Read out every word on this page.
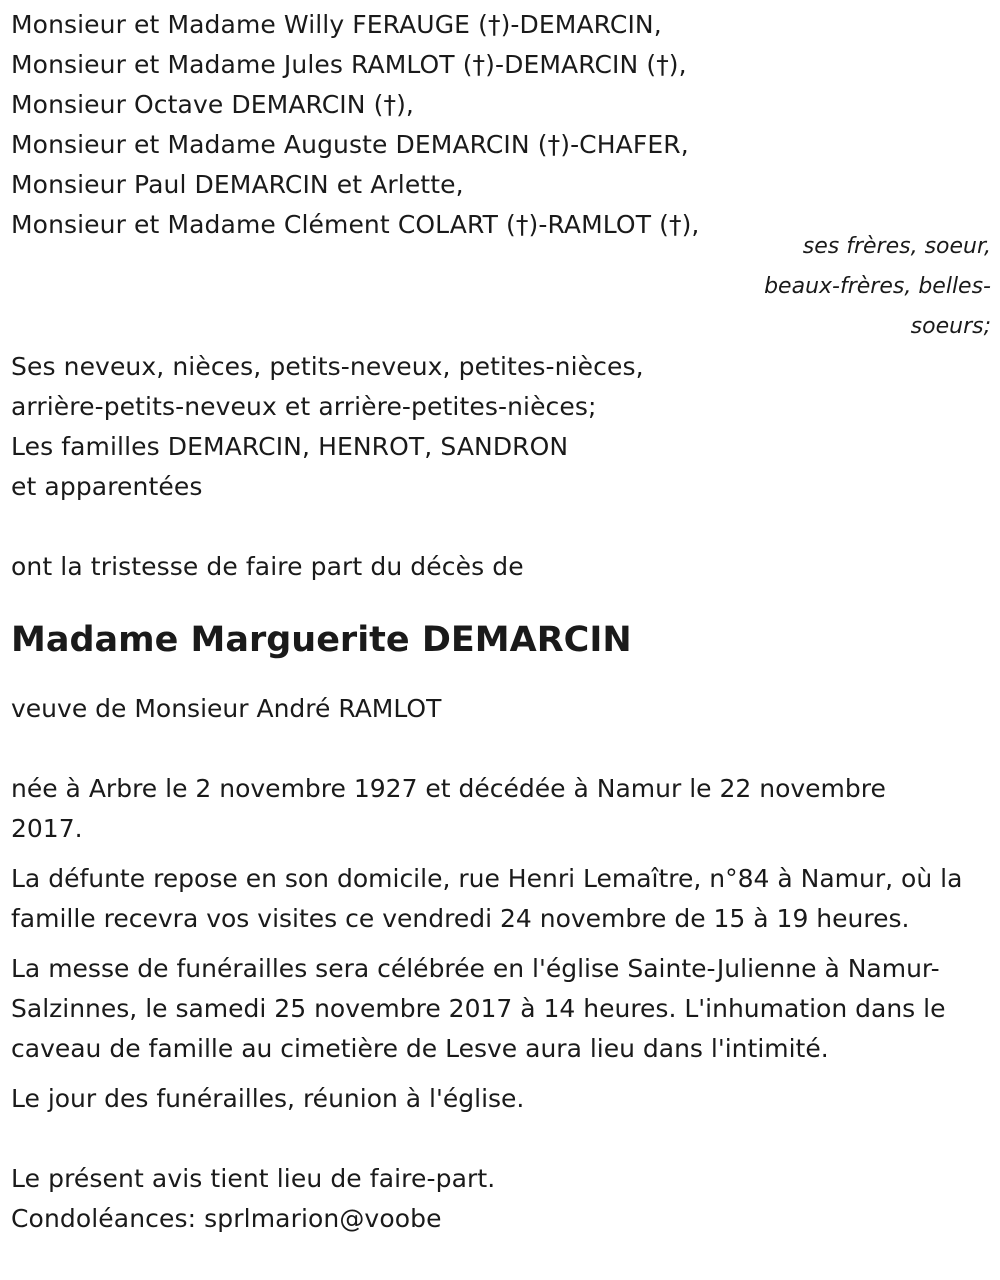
Monsieur et Madame Willy FERAUGE (†)-DEMARCIN,
Monsieur et Madame Jules RAMLOT (†)-DEMARCIN (†),
Monsieur Octave DEMARCIN (†),
Monsieur et Madame Auguste DEMARCIN (†)-CHAFER,
Monsieur Paul DEMARCIN et Arlette,
Monsieur et Madame Clément COLART (†)-RAMLOT (†),
ses frères, soeur,
beaux-frères, belles-
soeurs;
Ses neveux, nièces, petits-neveux, petites-nièces,
arrière-petits-neveux et arrière-petites-nièces;
Les familles DEMARCIN, HENROT, SANDRON
et apparentées
ont la tristesse de faire part du décès de
Madame Marguerite DEMARCIN
veuve de Monsieur André RAMLOT
née à Arbre le 2 novembre 1927 et décédée à Namur le 22 novembre 2017.
La défunte repose en son domicile, rue Henri Lemaître, n°84 à Namur, où la famille recevra vos visites ce vendredi 24 novembre de 15 à 19 heures.
La messe de funérailles sera célébrée en l'église Sainte-Julienne à Namur-Salzinnes, le samedi 25 novembre 2017 à 14 heures. L'inhumation dans le caveau de famille au cimetière de Lesve aura lieu dans l'intimité.
Le jour des funérailles, réunion à l'église.
Le présent avis tient lieu de faire-part.
Condoléances: sprlmarion@voobe
